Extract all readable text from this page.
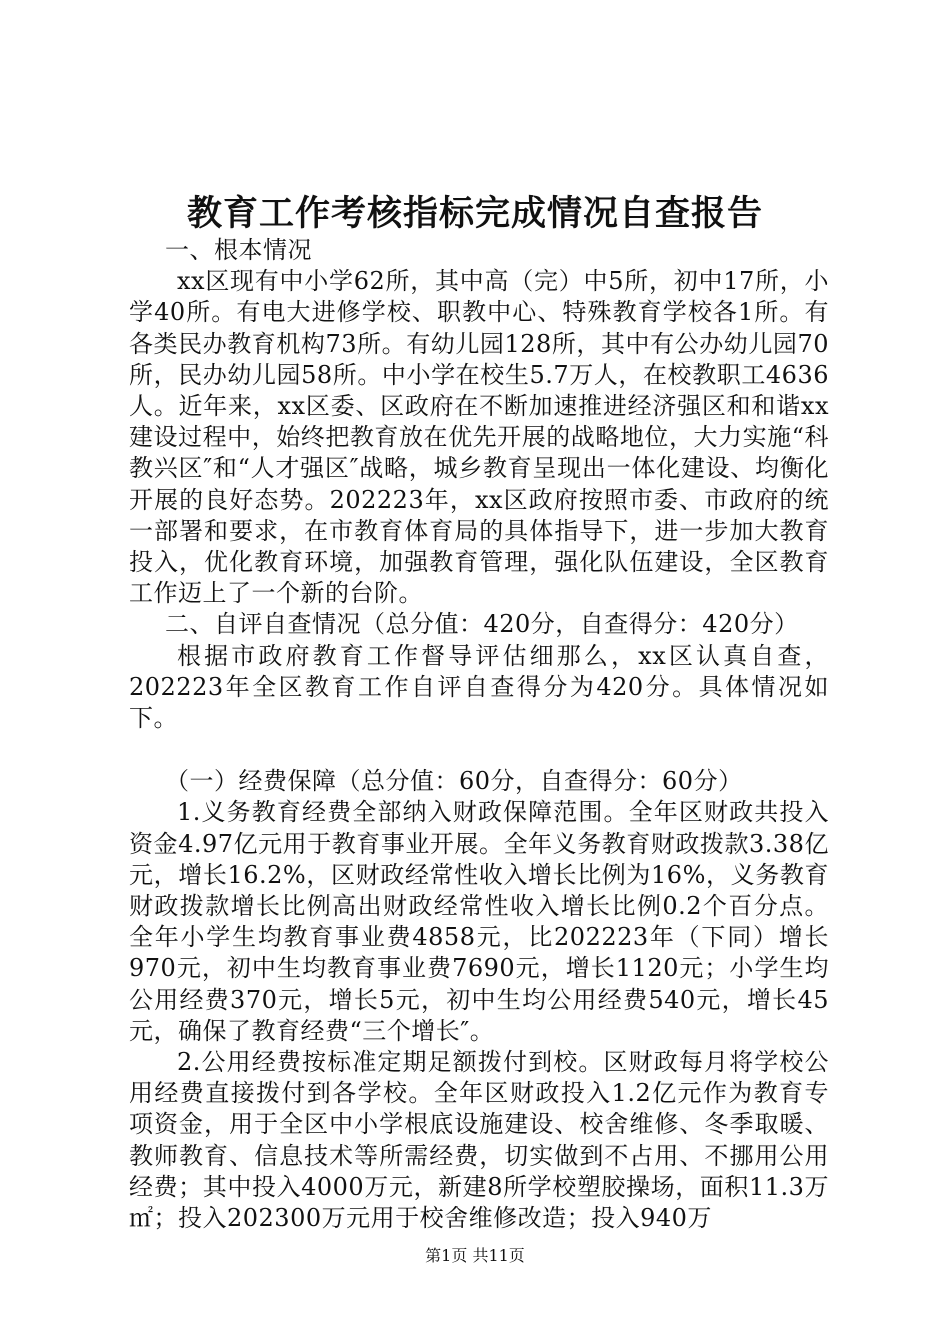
教育工作考核指标完成情况自查报告

一、根本情况

xx区现有中小学62所，其中高（完）中5所，初中17所，小学40所。有电大进修学校、职教中心、特殊教育学校各1所。有各类民办教育机构73所。有幼儿园128所，其中有公办幼儿园70所，民办幼儿园58所。中小学在校生5.7万人，在校教职工4636人。近年来，xx区委、区政府在不断加速推进经济强区和和谐xx建设过程中，始终把教育放在优先开展的战略地位，大力实施“科教兴区″和“人才强区″战略，城乡教育呈现出一体化建设、均衡化开展的良好态势。202223年，xx区政府按照市委、市政府的统一部署和要求，在市教育体育局的具体指导下，进一步加大教育投入，优化教育环境，加强教育管理，强化队伍建设，全区教育工作迈上了一个新的台阶。

二、自评自查情况（总分值：420分，自查得分：420分）

根据市政府教育工作督导评估细那么，xx区认真自查，202223年全区教育工作自评自查得分为420分。具体情况如下。

（一）经费保障（总分值：60分，自查得分：60分）

1.义务教育经费全部纳入财政保障范围。全年区财政共投入资金4.97亿元用于教育事业开展。全年义务教育财政拨款3.38亿元，增长16.2%，区财政经常性收入增长比例为16%，义务教育财政拨款增长比例高出财政经常性收入增长比例0.2个百分点。全年小学生均教育事业费4858元，比202223年（下同）增长970元，初中生均教育事业费7690元，增长1120元；小学生均公用经费370元，增长5元，初中生均公用经费540元，增长45元，确保了教育经费“三个增长″。

2.公用经费按标准定期足额拨付到校。区财政每月将学校公用经费直接拨付到各学校。全年区财政投入1.2亿元作为教育专项资金，用于全区中小学根底设施建设、校舍维修、冬季取暖、教师教育、信息技术等所需经费，切实做到不占用、不挪用公用经费；其中投入4000万元，新建8所学校塑胶操场，面积11.3万㎡；投入202300万元用于校舍维修改造；投入940万

第1页 共11页
